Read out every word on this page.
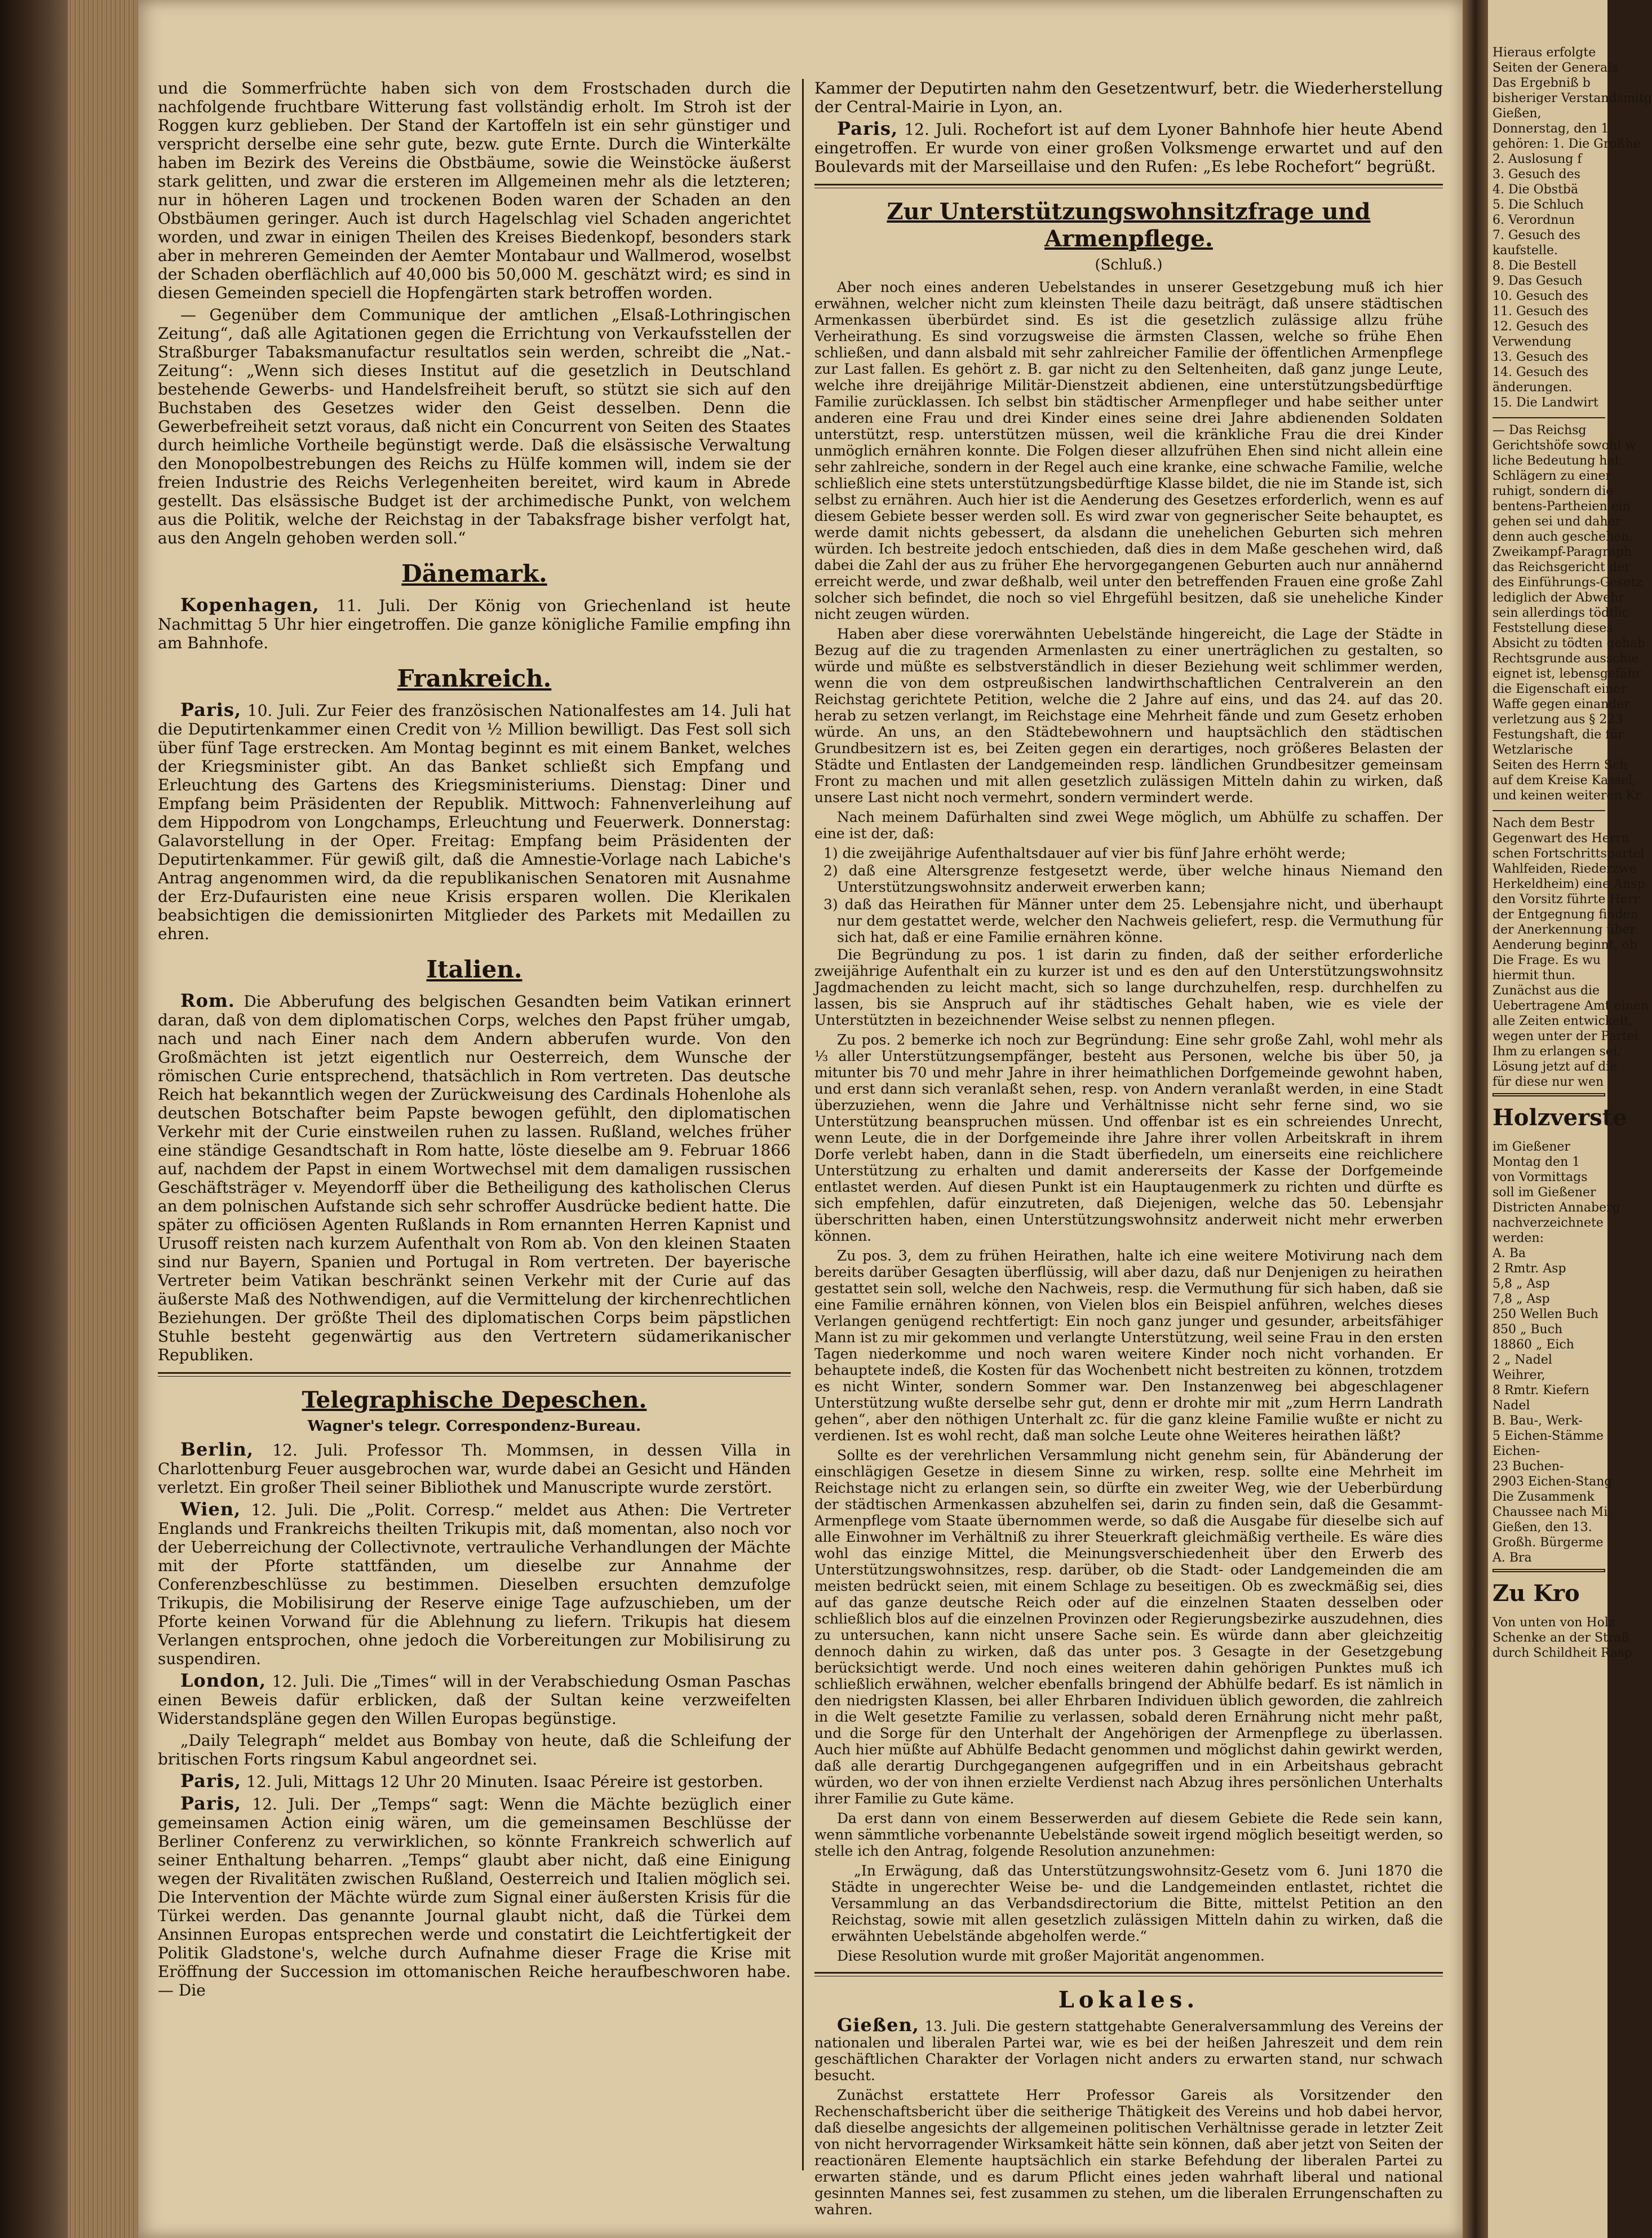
und die Sommerfrüchte haben sich von dem Frostschaden durch die nachfolgende fruchtbare Witterung fast vollständig erholt. Im Stroh ist der Roggen kurz geblieben. Der Stand der Kartoffeln ist ein sehr günstiger und verspricht derselbe eine sehr gute, bezw. gute Ernte. Durch die Winterkälte haben im Bezirk des Vereins die Obstbäume, sowie die Weinstöcke äußerst stark gelitten, und zwar die ersteren im Allgemeinen mehr als die letzteren; nur in höheren Lagen und trockenen Boden waren der Schaden an den Obstbäumen geringer. Auch ist durch Hagelschlag viel Schaden angerichtet worden, und zwar in einigen Theilen des Kreises Biedenkopf, besonders stark aber in mehreren Gemeinden der Aemter Montabaur und Wallmerod, woselbst der Schaden oberflächlich auf 40,000 bis 50,000 M. geschätzt wird; es sind in diesen Gemeinden speciell die Hopfengärten stark betroffen worden.

— Gegenüber dem Communique der amtlichen „Elsaß-Lothringischen Zeitung“, daß alle Agitationen gegen die Errichtung von Verkaufsstellen der Straßburger Tabaksmanufactur resultatlos sein werden, schreibt die „Nat.-Zeitung“: „Wenn sich dieses Institut auf die gesetzlich in Deutschland bestehende Gewerbs- und Handelsfreiheit beruft, so stützt sie sich auf den Buchstaben des Gesetzes wider den Geist desselben. Denn die Gewerbefreiheit setzt voraus, daß nicht ein Concurrent von Seiten des Staates durch heimliche Vortheile begünstigt werde. Daß die elsässische Verwaltung den Monopolbestrebungen des Reichs zu Hülfe kommen will, indem sie der freien Industrie des Reichs Verlegenheiten bereitet, wird kaum in Abrede gestellt. Das elsässische Budget ist der archimedische Punkt, von welchem aus die Politik, welche der Reichstag in der Tabaksfrage bisher verfolgt hat, aus den Angeln gehoben werden soll.“

Dänemark.

Kopenhagen, 11. Juli. Der König von Griechenland ist heute Nachmittag 5 Uhr hier eingetroffen. Die ganze königliche Familie empfing ihn am Bahnhofe.

Frankreich.

Paris, 10. Juli. Zur Feier des französischen Nationalfestes am 14. Juli hat die Deputirtenkammer einen Credit von ½ Million bewilligt. Das Fest soll sich über fünf Tage erstrecken. Am Montag beginnt es mit einem Banket, welches der Kriegsminister gibt. An das Banket schließt sich Empfang und Erleuchtung des Gartens des Kriegsministeriums. Dienstag: Diner und Empfang beim Präsidenten der Republik. Mittwoch: Fahnenverleihung auf dem Hippodrom von Longchamps, Erleuchtung und Feuerwerk. Donnerstag: Galavorstellung in der Oper. Freitag: Empfang beim Präsidenten der Deputirtenkammer. Für gewiß gilt, daß die Amnestie-Vorlage nach Labiche's Antrag angenommen wird, da die republikanischen Senatoren mit Ausnahme der Erz-Dufauristen eine neue Krisis ersparen wollen. Die Klerikalen beabsichtigen die demissionirten Mitglieder des Parkets mit Medaillen zu ehren.

Italien.

Rom. Die Abberufung des belgischen Gesandten beim Vatikan erinnert daran, daß von dem diplomatischen Corps, welches den Papst früher umgab, nach und nach Einer nach dem Andern abberufen wurde. Von den Großmächten ist jetzt eigentlich nur Oesterreich, dem Wunsche der römischen Curie entsprechend, thatsächlich in Rom vertreten. Das deutsche Reich hat bekanntlich wegen der Zurückweisung des Cardinals Hohenlohe als deutschen Botschafter beim Papste bewogen gefühlt, den diplomatischen Verkehr mit der Curie einstweilen ruhen zu lassen. Rußland, welches früher eine ständige Gesandtschaft in Rom hatte, löste dieselbe am 9. Februar 1866 auf, nachdem der Papst in einem Wortwechsel mit dem damaligen russischen Geschäftsträger v. Meyendorff über die Betheiligung des katholischen Clerus an dem polnischen Aufstande sich sehr schroffer Ausdrücke bedient hatte. Die später zu officiösen Agenten Rußlands in Rom ernannten Herren Kapnist und Urusoff reisten nach kurzem Aufenthalt von Rom ab. Von den kleinen Staaten sind nur Bayern, Spanien und Portugal in Rom vertreten. Der bayerische Vertreter beim Vatikan beschränkt seinen Verkehr mit der Curie auf das äußerste Maß des Nothwendigen, auf die Vermittelung der kirchenrechtlichen Beziehungen. Der größte Theil des diplomatischen Corps beim päpstlichen Stuhle besteht gegenwärtig aus den Vertretern südamerikanischer Republiken.

Telegraphische Depeschen.
Wagner's telegr. Correspondenz-Bureau.

Berlin, 12. Juli. Professor Th. Mommsen, in dessen Villa in Charlottenburg Feuer ausgebrochen war, wurde dabei an Gesicht und Händen verletzt. Ein großer Theil seiner Bibliothek und Manuscripte wurde zerstört.

Wien, 12. Juli. Die „Polit. Corresp.“ meldet aus Athen: Die Vertreter Englands und Frankreichs theilten Trikupis mit, daß momentan, also noch vor der Ueberreichung der Collectivnote, vertrauliche Verhandlungen der Mächte mit der Pforte stattfänden, um dieselbe zur Annahme der Conferenzbeschlüsse zu bestimmen. Dieselben ersuchten demzufolge Trikupis, die Mobilisirung der Reserve einige Tage aufzuschieben, um der Pforte keinen Vorwand für die Ablehnung zu liefern. Trikupis hat diesem Verlangen entsprochen, ohne jedoch die Vorbereitungen zur Mobilisirung zu suspendiren.

London, 12. Juli. Die „Times“ will in der Verabschiedung Osman Paschas einen Beweis dafür erblicken, daß der Sultan keine verzweifelten Widerstandspläne gegen den Willen Europas begünstige.

„Daily Telegraph“ meldet aus Bombay von heute, daß die Schleifung der britischen Forts ringsum Kabul angeordnet sei.

Paris, 12. Juli, Mittags 12 Uhr 20 Minuten. Isaac Péreire ist gestorben.

Paris, 12. Juli. Der „Temps“ sagt: Wenn die Mächte bezüglich einer gemeinsamen Action einig wären, um die gemeinsamen Beschlüsse der Berliner Conferenz zu verwirklichen, so könnte Frankreich schwerlich auf seiner Enthaltung beharren. „Temps“ glaubt aber nicht, daß eine Einigung wegen der Rivalitäten zwischen Rußland, Oesterreich und Italien möglich sei. Die Intervention der Mächte würde zum Signal einer äußersten Krisis für die Türkei werden. Das genannte Journal glaubt nicht, daß die Türkei dem Ansinnen Europas entsprechen werde und constatirt die Leichtfertigkeit der Politik Gladstone's, welche durch Aufnahme dieser Frage die Krise mit Eröffnung der Succession im ottomanischen Reiche heraufbeschworen habe. — Die

Kammer der Deputirten nahm den Gesetzentwurf, betr. die Wiederherstellung der Central-Mairie in Lyon, an.

Paris, 12. Juli. Rochefort ist auf dem Lyoner Bahnhofe hier heute Abend eingetroffen. Er wurde von einer großen Volksmenge erwartet und auf den Boulevards mit der Marseillaise und den Rufen: „Es lebe Rochefort“ begrüßt.

Zur Unterstützungswohnsitzfrage und Armenpflege.
(Schluß.)

Aber noch eines anderen Uebelstandes in unserer Gesetzgebung muß ich hier erwähnen, welcher nicht zum kleinsten Theile dazu beiträgt, daß unsere städtischen Armenkassen überbürdet sind. Es ist die gesetzlich zulässige allzu frühe Verheirathung. Es sind vorzugsweise die ärmsten Classen, welche so frühe Ehen schließen, und dann alsbald mit sehr zahlreicher Familie der öffentlichen Armenpflege zur Last fallen. Es gehört z. B. gar nicht zu den Seltenheiten, daß ganz junge Leute, welche ihre dreijährige Militär-Dienstzeit abdienen, eine unterstützungsbedürftige Familie zurücklassen. Ich selbst bin städtischer Armenpfleger und habe seither unter anderen eine Frau und drei Kinder eines seine drei Jahre abdienenden Soldaten unterstützt, resp. unterstützen müssen, weil die kränkliche Frau die drei Kinder unmöglich ernähren konnte. Die Folgen dieser allzufrühen Ehen sind nicht allein eine sehr zahlreiche, sondern in der Regel auch eine kranke, eine schwache Familie, welche schließlich eine stets unterstützungsbedürftige Klasse bildet, die nie im Stande ist, sich selbst zu ernähren. Auch hier ist die Aenderung des Gesetzes erforderlich, wenn es auf diesem Gebiete besser werden soll. Es wird zwar von gegnerischer Seite behauptet, es werde damit nichts gebessert, da alsdann die unehelichen Geburten sich mehren würden. Ich bestreite jedoch entschieden, daß dies in dem Maße geschehen wird, daß dabei die Zahl der aus zu früher Ehe hervorgegangenen Geburten auch nur annähernd erreicht werde, und zwar deßhalb, weil unter den betreffenden Frauen eine große Zahl solcher sich befindet, die noch so viel Ehrgefühl besitzen, daß sie uneheliche Kinder nicht zeugen würden.

Haben aber diese vorerwähnten Uebelstände hingereicht, die Lage der Städte in Bezug auf die zu tragenden Armenlasten zu einer unerträglichen zu gestalten, so würde und müßte es selbstverständlich in dieser Beziehung weit schlimmer werden, wenn die von dem ostpreußischen landwirthschaftlichen Centralverein an den Reichstag gerichtete Petition, welche die 2 Jahre auf eins, und das 24. auf das 20. herab zu setzen verlangt, im Reichstage eine Mehrheit fände und zum Gesetz erhoben würde. An uns, an den Städtebewohnern und hauptsächlich den städtischen Grundbesitzern ist es, bei Zeiten gegen ein derartiges, noch größeres Belasten der Städte und Entlasten der Landgemeinden resp. ländlichen Grundbesitzer gemeinsam Front zu machen und mit allen gesetzlich zulässigen Mitteln dahin zu wirken, daß unsere Last nicht noch vermehrt, sondern vermindert werde.

Nach meinem Dafürhalten sind zwei Wege möglich, um Abhülfe zu schaffen. Der eine ist der, daß:

1) die zweijährige Aufenthaltsdauer auf vier bis fünf Jahre erhöht werde;
2) daß eine Altersgrenze festgesetzt werde, über welche hinaus Niemand den Unterstützungswohnsitz anderweit erwerben kann;
3) daß das Heirathen für Männer unter dem 25. Lebensjahre nicht, und überhaupt nur dem gestattet werde, welcher den Nachweis geliefert, resp. die Vermuthung für sich hat, daß er eine Familie ernähren könne.

Die Begründung zu pos. 1 ist darin zu finden, daß der seither erforderliche zweijährige Aufenthalt ein zu kurzer ist und es den auf den Unterstützungswohnsitz Jagdmachenden zu leicht macht, sich so lange durchzuhelfen, resp. durchhelfen zu lassen, bis sie Anspruch auf ihr städtisches Gehalt haben, wie es viele der Unterstützten in bezeichnender Weise selbst zu nennen pflegen.

Zu pos. 2 bemerke ich noch zur Begründung: Eine sehr große Zahl, wohl mehr als ⅓ aller Unterstützungsempfänger, besteht aus Personen, welche bis über 50, ja mitunter bis 70 und mehr Jahre in ihrer heimathlichen Dorfgemeinde gewohnt haben, und erst dann sich veranlaßt sehen, resp. von Andern veranlaßt werden, in eine Stadt überzuziehen, wenn die Jahre und Verhältnisse nicht sehr ferne sind, wo sie Unterstützung beanspruchen müssen. Und offenbar ist es ein schreiendes Unrecht, wenn Leute, die in der Dorfgemeinde ihre Jahre ihrer vollen Arbeitskraft in ihrem Dorfe verlebt haben, dann in die Stadt überfiedeln, um einerseits eine reichlichere Unterstützung zu erhalten und damit andererseits der Kasse der Dorfgemeinde entlastet werden. Auf diesen Punkt ist ein Hauptaugenmerk zu richten und dürfte es sich empfehlen, dafür einzutreten, daß Diejenigen, welche das 50. Lebensjahr überschritten haben, einen Unterstützungswohnsitz anderweit nicht mehr erwerben können.

Zu pos. 3, dem zu frühen Heirathen, halte ich eine weitere Motivirung nach dem bereits darüber Gesagten überflüssig, will aber dazu, daß nur Denjenigen zu heirathen gestattet sein soll, welche den Nachweis, resp. die Vermuthung für sich haben, daß sie eine Familie ernähren können, von Vielen blos ein Beispiel anführen, welches dieses Verlangen genügend rechtfertigt: Ein noch ganz junger und gesunder, arbeitsfähiger Mann ist zu mir gekommen und verlangte Unterstützung, weil seine Frau in den ersten Tagen niederkomme und noch waren weitere Kinder noch nicht vorhanden. Er behauptete indeß, die Kosten für das Wochenbett nicht bestreiten zu können, trotzdem es nicht Winter, sondern Sommer war. Den Instanzenweg bei abgeschlagener Unterstützung wußte derselbe sehr gut, denn er drohte mir mit „zum Herrn Landrath gehen“, aber den nöthigen Unterhalt zc. für die ganz kleine Familie wußte er nicht zu verdienen. Ist es wohl recht, daß man solche Leute ohne Weiteres heirathen läßt?

Sollte es der verehrlichen Versammlung nicht genehm sein, für Abänderung der einschlägigen Gesetze in diesem Sinne zu wirken, resp. sollte eine Mehrheit im Reichstage nicht zu erlangen sein, so dürfte ein zweiter Weg, wie der Ueberbürdung der städtischen Armenkassen abzuhelfen sei, darin zu finden sein, daß die Gesammt-Armenpflege vom Staate übernommen werde, so daß die Ausgabe für dieselbe sich auf alle Einwohner im Verhältniß zu ihrer Steuerkraft gleichmäßig vertheile. Es wäre dies wohl das einzige Mittel, die Meinungsverschiedenheit über den Erwerb des Unterstützungswohnsitzes, resp. darüber, ob die Stadt- oder Landgemeinden die am meisten bedrückt seien, mit einem Schlage zu beseitigen. Ob es zweckmäßig sei, dies auf das ganze deutsche Reich oder auf die einzelnen Staaten desselben oder schließlich blos auf die einzelnen Provinzen oder Regierungsbezirke auszudehnen, dies zu untersuchen, kann nicht unsere Sache sein. Es würde dann aber gleichzeitig dennoch dahin zu wirken, daß das unter pos. 3 Gesagte in der Gesetzgebung berücksichtigt werde. Und noch eines weiteren dahin gehörigen Punktes muß ich schließlich erwähnen, welcher ebenfalls bringend der Abhülfe bedarf. Es ist nämlich in den niedrigsten Klassen, bei aller Ehrbaren Individuen üblich geworden, die zahlreich in die Welt gesetzte Familie zu verlassen, sobald deren Ernährung nicht mehr paßt, und die Sorge für den Unterhalt der Angehörigen der Armenpflege zu überlassen. Auch hier müßte auf Abhülfe Bedacht genommen und möglichst dahin gewirkt werden, daß alle derartig Durchgegangenen aufgegriffen und in ein Arbeitshaus gebracht würden, wo der von ihnen erzielte Verdienst nach Abzug ihres persönlichen Unterhalts ihrer Familie zu Gute käme.

Da erst dann von einem Besserwerden auf diesem Gebiete die Rede sein kann, wenn sämmtliche vorbenannte Uebelstände soweit irgend möglich beseitigt werden, so stelle ich den Antrag, folgende Resolution anzunehmen:

„In Erwägung, daß das Unterstützungswohnsitz-Gesetz vom 6. Juni 1870 die Städte in ungerechter Weise be- und die Landgemeinden entlastet, richtet die Versammlung an das Verbandsdirectorium die Bitte, mittelst Petition an den Reichstag, sowie mit allen gesetzlich zulässigen Mitteln dahin zu wirken, daß die erwähnten Uebelstände abgeholfen werde.“

Diese Resolution wurde mit großer Majorität angenommen.

Lokales.

Gießen, 13. Juli. Die gestern stattgehabte Generalversammlung des Vereins der nationalen und liberalen Partei war, wie es bei der heißen Jahreszeit und dem rein geschäftlichen Charakter der Vorlagen nicht anders zu erwarten stand, nur schwach besucht.

Zunächst erstattete Herr Professor Gareis als Vorsitzender den Rechenschaftsbericht über die seitherige Thätigkeit des Vereins und hob dabei hervor, daß dieselbe angesichts der allgemeinen politischen Verhältnisse gerade in letzter Zeit von nicht hervorragender Wirksamkeit hätte sein können, daß aber jetzt von Seiten der reactionären Elemente hauptsächlich ein starke Befehdung der liberalen Partei zu erwarten stände, und es darum Pflicht eines jeden wahrhaft liberal und national gesinnten Mannes sei, fest zusammen zu stehen, um die liberalen Errungenschaften zu wahren.

Hieraus erfolgte
Seiten der Generals
Das Ergebniß b
bisheriger Verstandsmitg
Gießen,
Donnerstag, den 1
gehören: 1. Die Großhe
2. Auslosung f
3. Gesuch des
4. Die Obstbä
5. Die Schluch
6. Verordnun
7. Gesuch des
kaufstelle.
8. Die Bestell
9. Das Gesuch
10. Gesuch des
11. Gesuch des
12. Gesuch des
Verwendung
13. Gesuch des
14. Gesuch des
änderungen.
15. Die Landwirt
— Das Reichsg
Gerichtshöfe sowohl w
liche Bedeutung hat,
Schlägern zu einer
ruhigt, sondern die
bentens-Partheien ein
gehen sei und daher
denn auch geschehen.
Zweikampf-Paragraph
das Reichsgericht der
des Einführungs-Gesetz
lediglich der Abwehr
sein allerdings tödtlic
Feststellung dieses
Absicht zu tödten gehab
Rechtsgrunde ausschie
eignet ist, lebensgefähr
die Eigenschaft einer
Waffe gegen einander
verletzung aus § 223
Festungshaft, die für
Wetzlarische
Seiten des Herrn Sch
auf dem Kreise Kassel,
und keinen weiteren Kr
Nach dem Bestr
Gegenwart des Herrn
schen Fortschrittspartei
Wahlfeiden, Riederzwe
Herkeldheim) eine Ansp
den Vorsitz führte Herr
der Entgegnung finden
der Anerkennung über
Aenderung beginnt, ob
Die Frage. Es wu
hiermit thun.
Zunächst aus die
Uebertragene Amt einen
alle Zeiten entwickelt,
wegen unter der Partei
Ihm zu erlangen sei,
Lösung jetzt auf die
für diese nur wen
Holzverste
im Gießener
Montag den 1
von Vormittags
soll im Gießener
Districten Annaberg
nachverzeichnete
werden:
A. Ba
2 Rmtr. Asp
5,8 „ Asp
7,8 „ Asp
250 Wellen Buch
850 „ Buch
18860 „ Eich
2 „ Nadel
Weihrer,
8 Rmtr. Kiefern
Nadel
B. Bau-, Werk-
5 Eichen-Stämme
Eichen-
23 Buchen-
2903 Eichen-Stang
Die Zusammenk
Chaussee nach Mi
Gießen, den 13.
Großh. Bürgerme
A. Bra
Zu Kro
Von unten von Holz
Schenke an der Straß
durch Schildheit Rasp
